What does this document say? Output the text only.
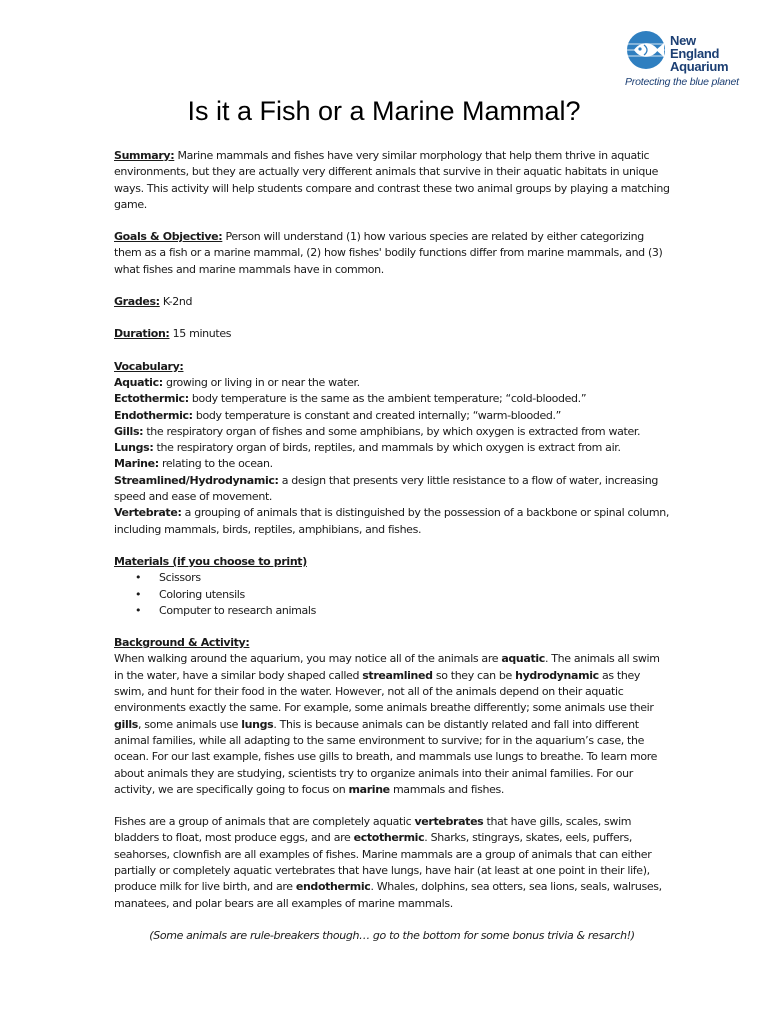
New England
Aquarium
Protecting the blue planet
Is it a Fish or a Marine Mammal?

Summary: Marine mammals and fishes have very similar morphology that help them thrive in aquatic environments, but they are actually very different animals that survive in their aquatic habitats in unique ways. This activity will help students compare and contrast these two animal groups by playing a matching game.

Goals & Objective: Person will understand (1) how various species are related by either categorizing them as a fish or a marine mammal, (2) how fishes' bodily functions differ from marine mammals, and (3) what fishes and marine mammals have in common.

Grades: K-2nd

Duration: 15 minutes

Vocabulary:

Aquatic: growing or living in or near the water.

Ectothermic: body temperature is the same as the ambient temperature; “cold-blooded.”

Endothermic: body temperature is constant and created internally; “warm-blooded.”

Gills: the respiratory organ of fishes and some amphibians, by which oxygen is extracted from water.

Lungs: the respiratory organ of birds, reptiles, and mammals by which oxygen is extract from air.

Marine: relating to the ocean.

Streamlined/Hydrodynamic: a design that presents very little resistance to a flow of water, increasing speed and ease of movement.

Vertebrate: a grouping of animals that is distinguished by the possession of a backbone or spinal column, including mammals, birds, reptiles, amphibians, and fishes.

Materials (if you choose to print)

• Scissors
• Coloring utensils
• Computer to research animals

Background & Activity:

When walking around the aquarium, you may notice all of the animals are aquatic. The animals all swim in the water, have a similar body shaped called streamlined so they can be hydrodynamic as they swim, and hunt for their food in the water. However, not all of the animals depend on their aquatic environments exactly the same. For example, some animals breathe differently; some animals use their gills, some animals use lungs. This is because animals can be distantly related and fall into different animal families, while all adapting to the same environment to survive; for in the aquarium’s case, the ocean. For our last example, fishes use gills to breath, and mammals use lungs to breathe. To learn more about animals they are studying, scientists try to organize animals into their animal families. For our activity, we are specifically going to focus on marine mammals and fishes.

Fishes are a group of animals that are completely aquatic vertebrates that have gills, scales, swim bladders to float, most produce eggs, and are ectothermic. Sharks, stingrays, skates, eels, puffers, seahorses, clownfish are all examples of fishes. Marine mammals are a group of animals that can either partially or completely aquatic vertebrates that have lungs, have hair (at least at one point in their life), produce milk for live birth, and are endothermic. Whales, dolphins, sea otters, sea lions, seals, walruses, manatees, and polar bears are all examples of marine mammals.

(Some animals are rule-breakers though… go to the bottom for some bonus trivia & resarch!)
